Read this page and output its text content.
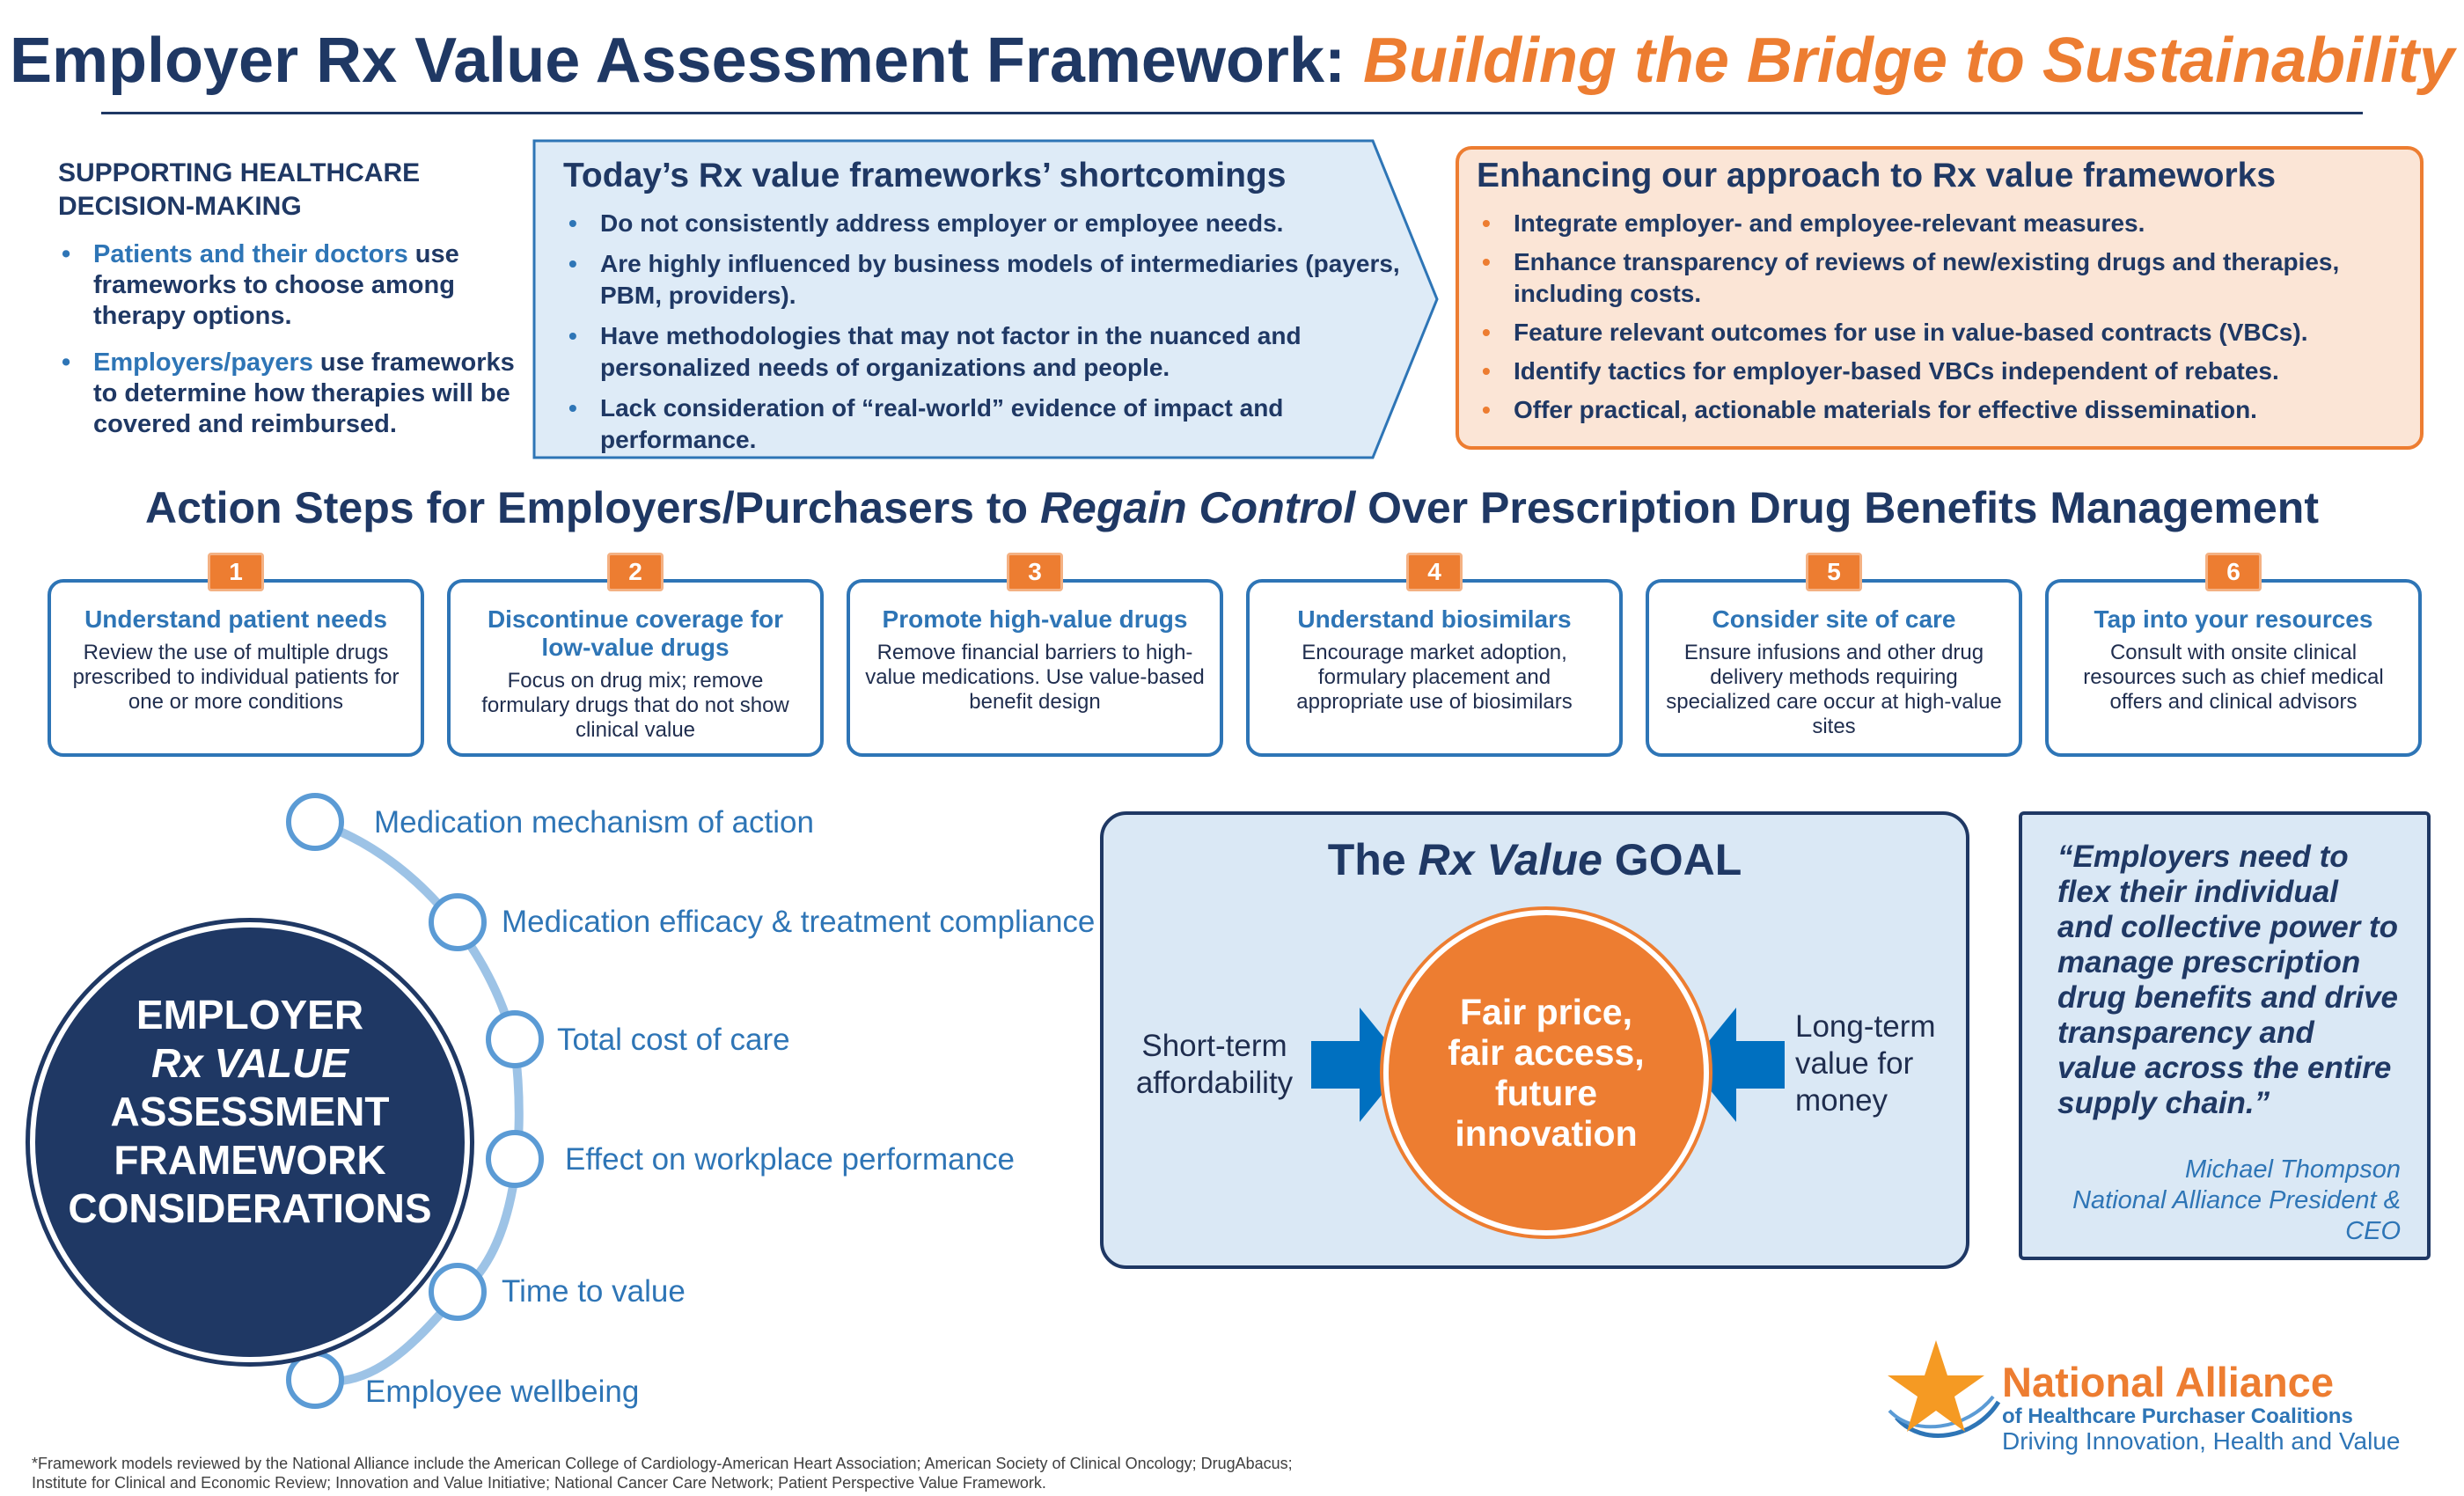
Employer Rx Value Assessment Framework: Building the Bridge to Sustainability
SUPPORTING HEALTHCARE DECISION-MAKING
• Patients and their doctors use frameworks to choose among therapy options.
• Employers/payers use frameworks to determine how therapies will be covered and reimbursed.
Today’s Rx value frameworks’ shortcomings
• Do not consistently address employer or employee needs.
• Are highly influenced by business models of intermediaries (payers, PBM, providers).
• Have methodologies that may not factor in the nuanced and personalized needs of organizations and people.
• Lack consideration of “real-world” evidence of impact and performance.
Enhancing our approach to Rx value frameworks
• Integrate employer- and employee-relevant measures.
• Enhance transparency of reviews of new/existing drugs and therapies, including costs.
• Feature relevant outcomes for use in value-based contracts (VBCs).
• Identify tactics for employer-based VBCs independent of rebates.
• Offer practical, actionable materials for effective dissemination.
Action Steps for Employers/Purchasers to Regain Control Over Prescription Drug Benefits Management
1
Understand patient needs
Review the use of multiple drugs prescribed to individual patients for one or more conditions
2
Discontinue coverage for low-value drugs
Focus on drug mix; remove formulary drugs that do not show clinical value
3
Promote high-value drugs
Remove financial barriers to high-value medications. Use value-based benefit design
4
Understand biosimilars
Encourage market adoption, formulary placement and appropriate use of biosimilars
5
Consider site of care
Ensure infusions and other drug delivery methods requiring specialized care occur at high-value sites
6
Tap into your resources
Consult with onsite clinical resources such as chief medical offers and clinical advisors
EMPLOYER
Rx VALUE
ASSESSMENT
FRAMEWORK
CONSIDERATIONS
Medication mechanism of action
Medication efficacy & treatment compliance
Total cost of care
Effect on workplace performance
Time to value
Employee wellbeing
The Rx Value GOAL
Fair price,
fair access,
future
innovation
Short-term
affordability
Long-term
value for
money
“Employers need to flex their individual and collective power to manage prescription drug benefits and drive transparency and value across the entire supply chain.”
Michael Thompson
National Alliance President & CEO
National Alliance
of Healthcare Purchaser Coalitions
Driving Innovation, Health and Value
*Framework models reviewed by the National Alliance include the American College of Cardiology-American Heart Association; American Society of Clinical Oncology; DrugAbacus; Institute for Clinical and Economic Review; Innovation and Value Initiative; National Cancer Care Network; Patient Perspective Value Framework.
